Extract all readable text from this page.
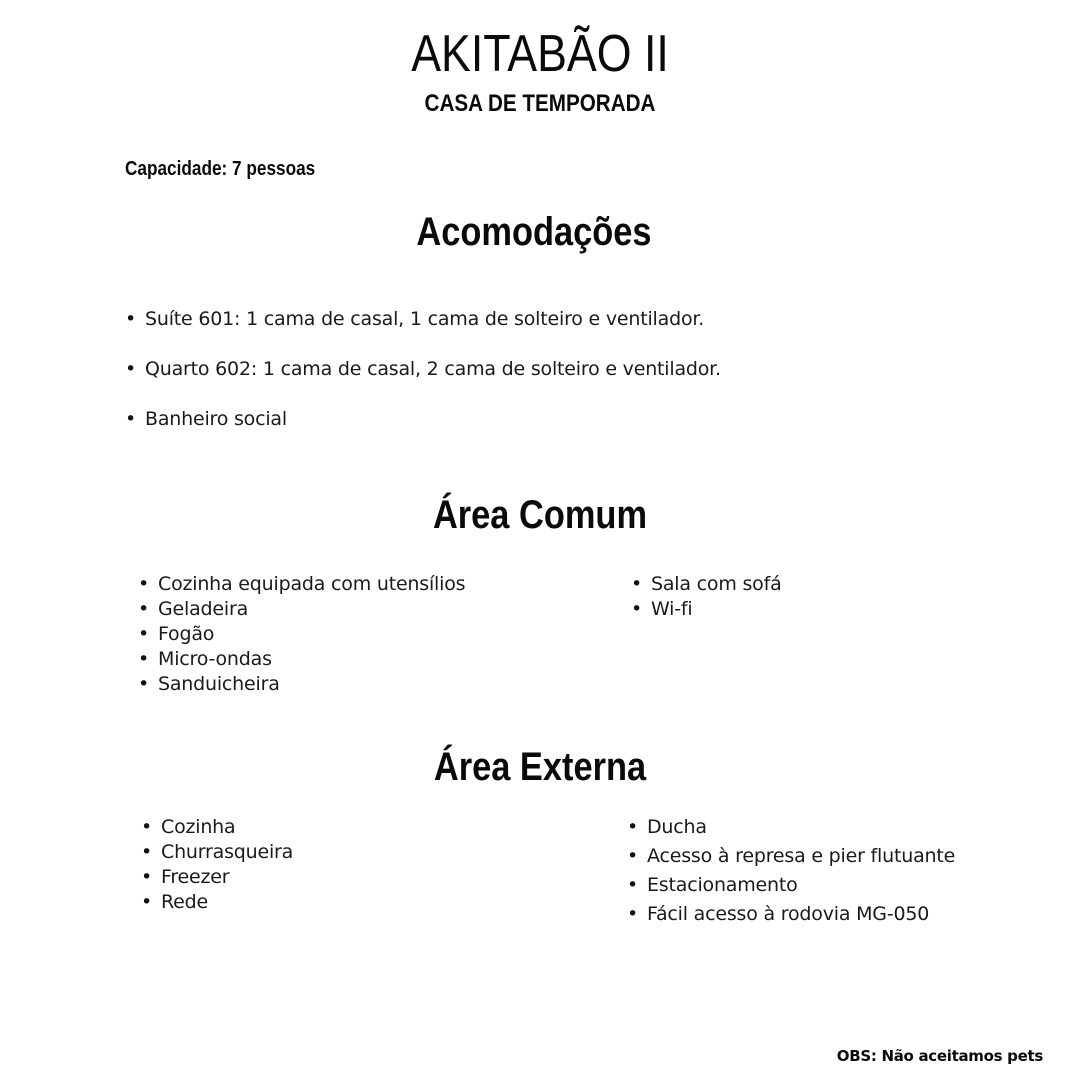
AKITABÃO II
CASA DE TEMPORADA

Capacidade: 7 pessoas

Acomodações
• Suíte 601: 1 cama de casal, 1 cama de solteiro e ventilador.
• Quarto 602: 1 cama de casal, 2 cama de solteiro e ventilador.
• Banheiro social
Área Comum
• Cozinha equipada com utensílios
• Geladeira
• Fogão
• Micro-ondas
• Sanduicheira
• Sala com sofá
• Wi-fi
Área Externa
• Cozinha
• Churrasqueira
• Freezer
• Rede
• Ducha
• Acesso à represa e pier flutuante
• Estacionamento
• Fácil acesso à rodovia MG-050

OBS: Não aceitamos pets
